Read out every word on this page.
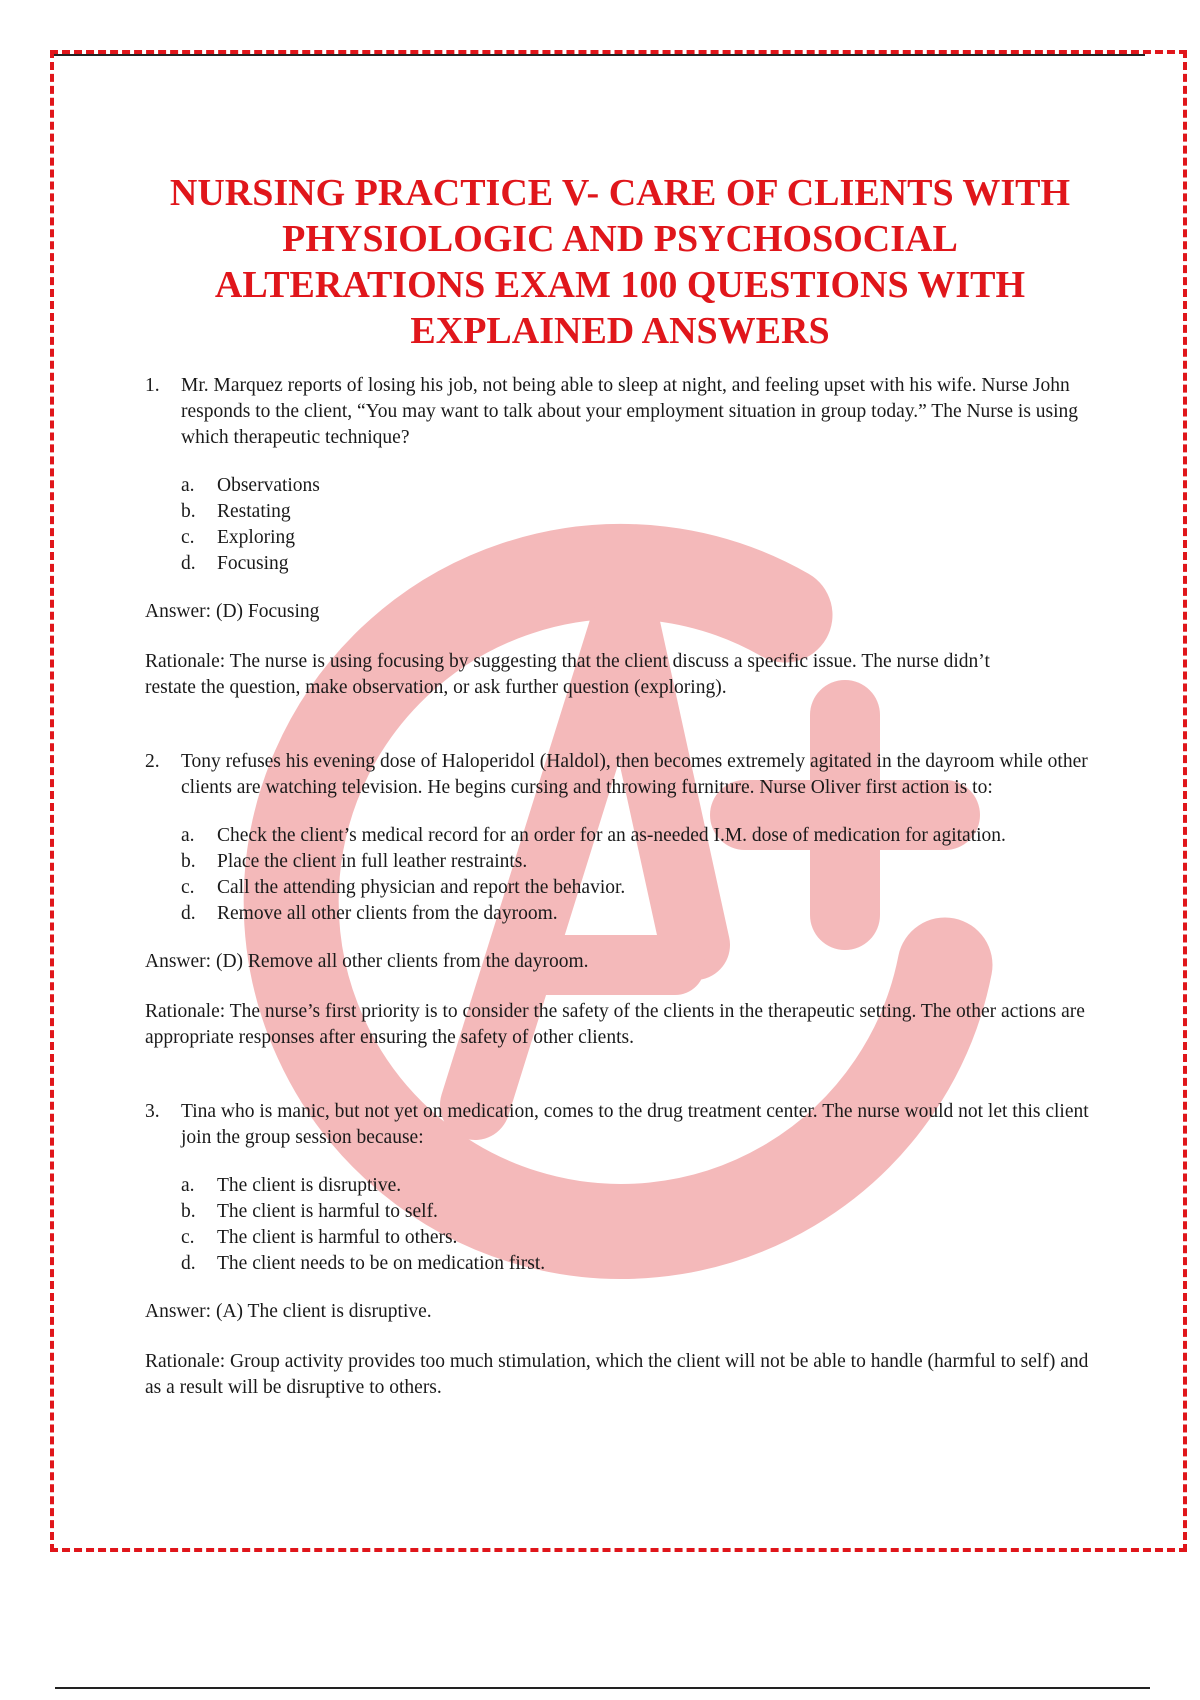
NURSING PRACTICE V- CARE OF CLIENTS WITH
PHYSIOLOGIC AND PSYCHOSOCIAL
ALTERATIONS EXAM 100 QUESTIONS WITH
EXPLAINED ANSWERS

1.	Mr. Marquez reports of losing his job, not being able to sleep at night, and feeling upset with his wife. Nurse John responds to the client, “You may want to talk about your employment situation in group today.” The Nurse is using which therapeutic technique?

a.	Observations
b.	Restating
c.	Exploring
d.	Focusing

Answer: (D) Focusing

Rationale: The nurse is using focusing by suggesting that the client discuss a specific issue. The nurse didn’t
restate the question, make observation, or ask further question (exploring).

2.	Tony refuses his evening dose of Haloperidol (Haldol), then becomes extremely agitated in the dayroom while other clients are watching television. He begins cursing and throwing furniture. Nurse Oliver first action is to:

a.	Check the client’s medical record for an order for an as-needed I.M. dose of medication for agitation.
b.	Place the client in full leather restraints.
c.	Call the attending physician and report the behavior.
d.	Remove all other clients from the dayroom.

Answer: (D) Remove all other clients from the dayroom.

Rationale: The nurse’s first priority is to consider the safety of the clients in the therapeutic setting. The other actions are appropriate responses after ensuring the safety of other clients.

3.	Tina who is manic, but not yet on medication, comes to the drug treatment center. The nurse would not let this client join the group session because:

a.	The client is disruptive.
b.	The client is harmful to self.
c.	The client is harmful to others.
d.	The client needs to be on medication first.

Answer: (A) The client is disruptive.

Rationale: Group activity provides too much stimulation, which the client will not be able to handle (harmful to self) and as a result will be disruptive to others.
